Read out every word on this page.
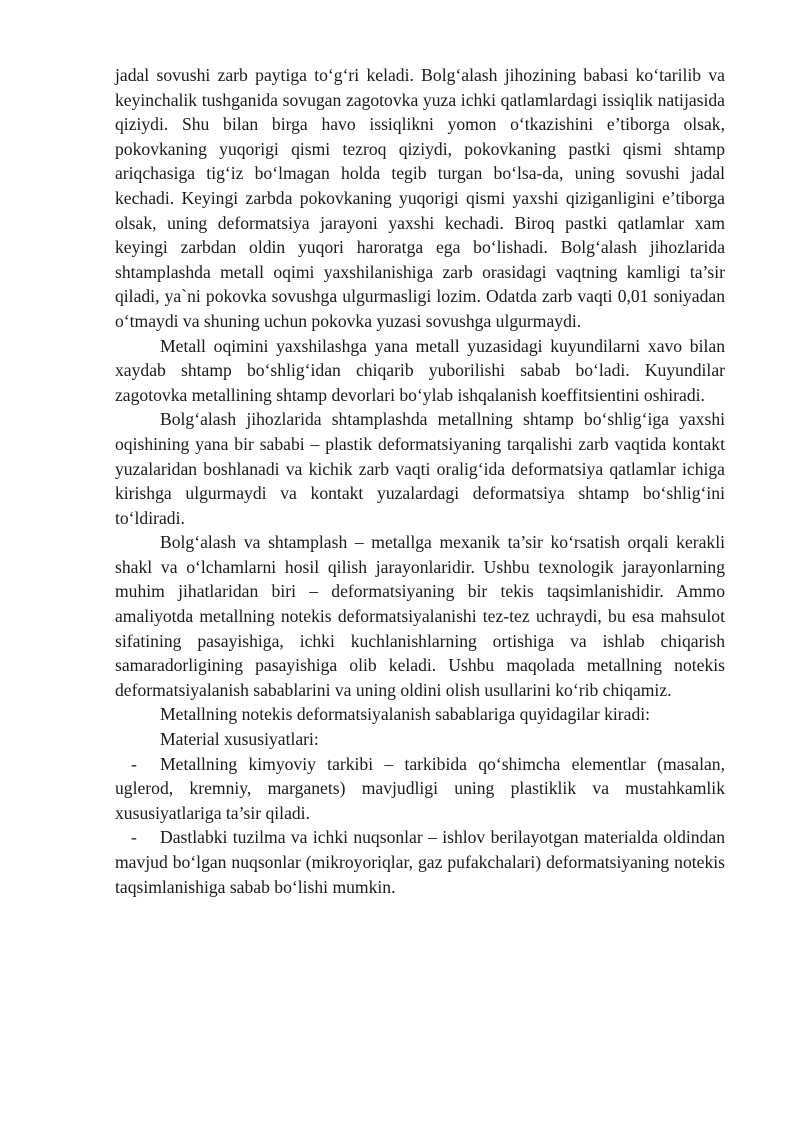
jadal sovushi zarb paytiga to‘g‘ri keladi. Bolg‘alash jihozining babasi ko‘tarilib va keyinchalik tushganida sovugan zagotovka yuza ichki qatlamlardagi issiqlik natijasida qiziydi. Shu bilan birga havo issiqlikni yomon o‘tkazishini e’tiborga olsak, pokovkaning yuqorigi qismi tezroq qiziydi, pokovkaning pastki qismi shtamp ariqchasiga tig‘iz bo‘lmagan holda tegib turgan bo‘lsa-da, uning sovushi jadal kechadi. Keyingi zarbda pokovkaning yuqorigi qismi yaxshi qiziganligini e’tiborga olsak, uning deformatsiya jarayoni yaxshi kechadi. Biroq pastki qatlamlar xam keyingi zarbdan oldin yuqori haroratga ega bo‘lishadi. Bolg‘alash jihozlarida shtamplashda metall oqimi yaxshilanishiga zarb orasidagi vaqtning kamligi ta’sir qiladi, ya`ni pokovka sovushga ulgurmasligi lozim. Odatda zarb vaqti 0,01 soniyadan o‘tmaydi va shuning uchun pokovka yuzasi sovushga ulgurmaydi.

Metall oqimini yaxshilashga yana metall yuzasidagi kuyundilarni xavo bilan xaydab shtamp bo‘shlig‘idan chiqarib yuborilishi sabab bo‘ladi. Kuyundilar zagotovka metallining shtamp devorlari bo‘ylab ishqalanish koeffitsientini oshiradi.

Bolg‘alash jihozlarida shtamplashda metallning shtamp bo‘shlig‘iga yaxshi oqishining yana bir sababi – plastik deformatsiyaning tarqalishi zarb vaqtida kontakt yuzalaridan boshlanadi va kichik zarb vaqti oralig‘ida deformatsiya qatlamlar ichiga kirishga ulgurmaydi va kontakt yuzalardagi deformatsiya shtamp bo‘shlig‘ini to‘ldiradi.

Bolg‘alash va shtamplash – metallga mexanik ta’sir ko‘rsatish orqali kerakli shakl va o‘lchamlarni hosil qilish jarayonlaridir. Ushbu texnologik jarayonlarning muhim jihatlaridan biri – deformatsiyaning bir tekis taqsimlanishidir. Ammo amaliyotda metallning notekis deformatsiyalanishi tez-tez uchraydi, bu esa mahsulot sifatining pasayishiga, ichki kuchlanishlarning ortishiga va ishlab chiqarish samaradorligining pasayishiga olib keladi. Ushbu maqolada metallning notekis deformatsiyalanish sabablarini va uning oldini olish usullarini ko‘rib chiqamiz.

Metallning notekis deformatsiyalanish sabablariga quyidagilar kiradi:

Material xususiyatlari:

- Metallning kimyoviy tarkibi – tarkibida qo‘shimcha elementlar (masalan, uglerod, kremniy, marganets) mavjudligi uning plastiklik va mustahkamlik xususiyatlariga ta’sir qiladi.

- Dastlabki tuzilma va ichki nuqsonlar – ishlov berilayotgan materialda oldindan mavjud bo‘lgan nuqsonlar (mikroyoriqlar, gaz pufakchalari) deformatsiyaning notekis taqsimlanishiga sabab bo‘lishi mumkin.
